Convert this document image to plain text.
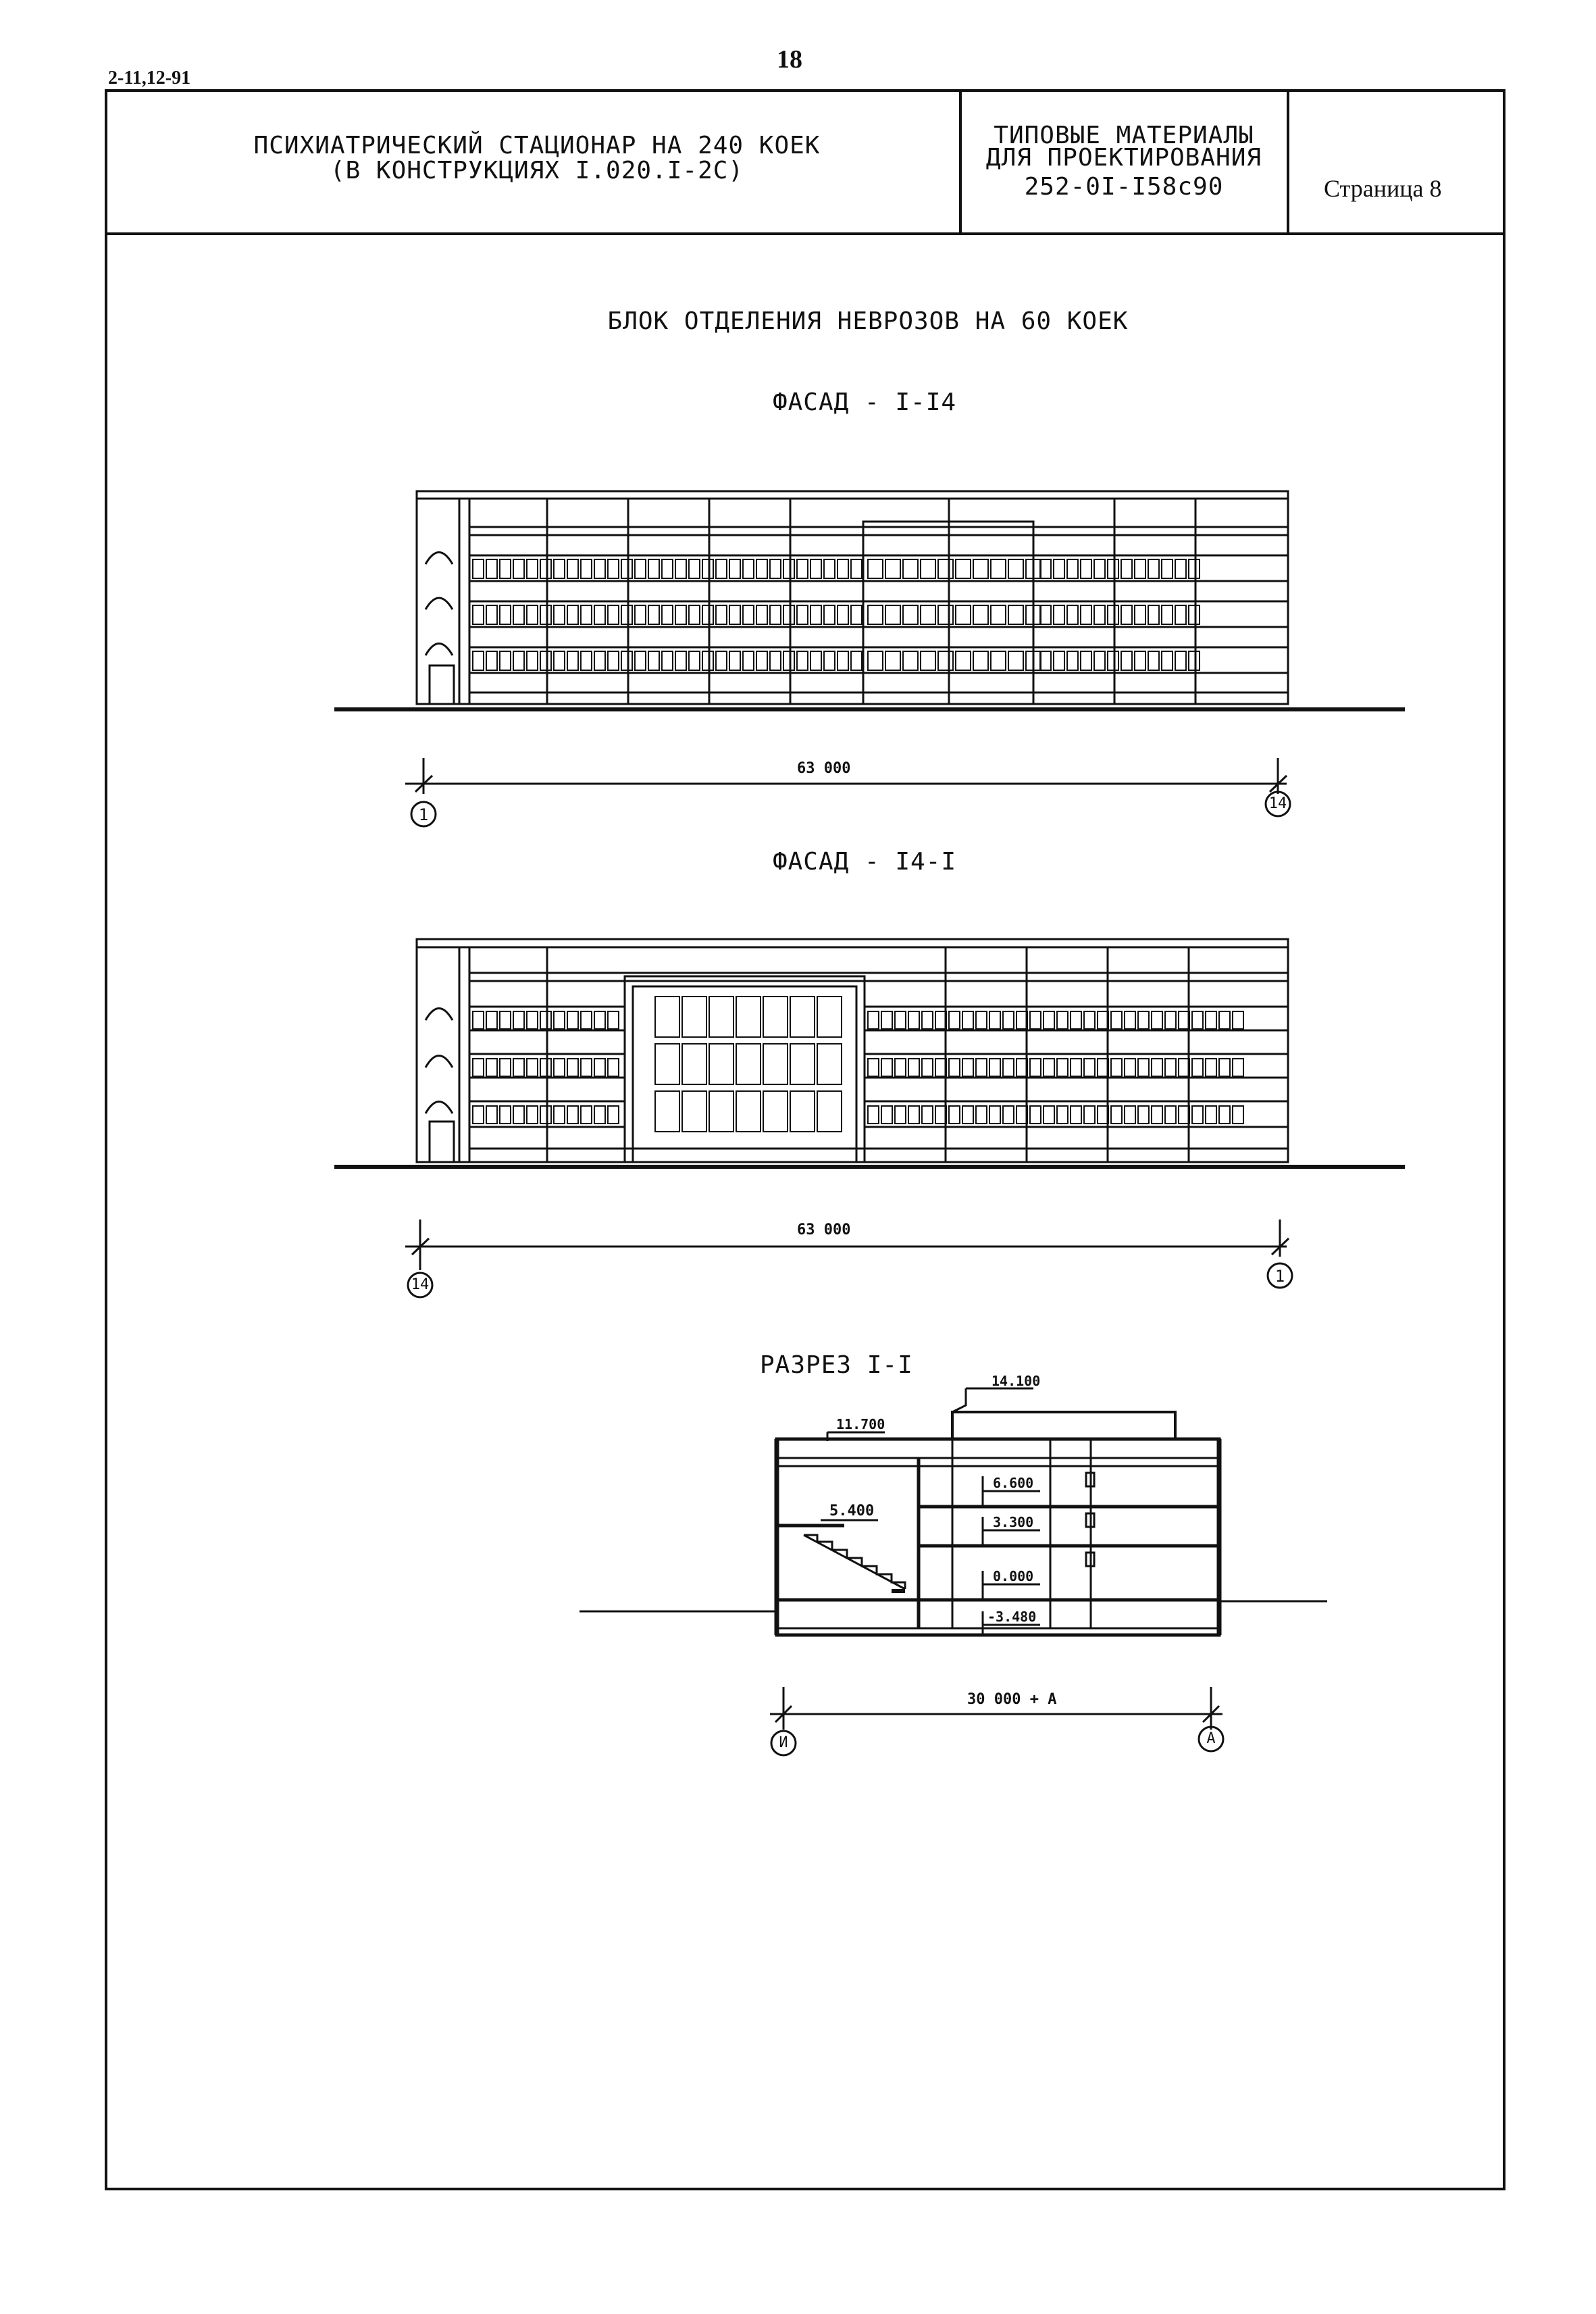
2-11,12-91
18
ПСИХИАТРИЧЕСКИЙ СТАЦИОНАР НА 240 КОЕК
(В КОНСТРУКЦИЯХ I.020.I-2C)
ТИПОВЫЕ МАТЕРИАЛЫ
ДЛЯ ПРОЕКТИРОВАНИЯ
252-0I-I58с90	Страница 8
БЛОК ОТДЕЛЕНИЯ НЕВРОЗОВ НА 60 КОЕК
ФАСАД - I-I4
ФАСАД - I4-I
РАЗРЕЗ I-I
63 000
1
14
63 000
14	1
14.100
11.700
5.400
6.600
3.300
0.000
-3.480
30 000 + А
И	А
